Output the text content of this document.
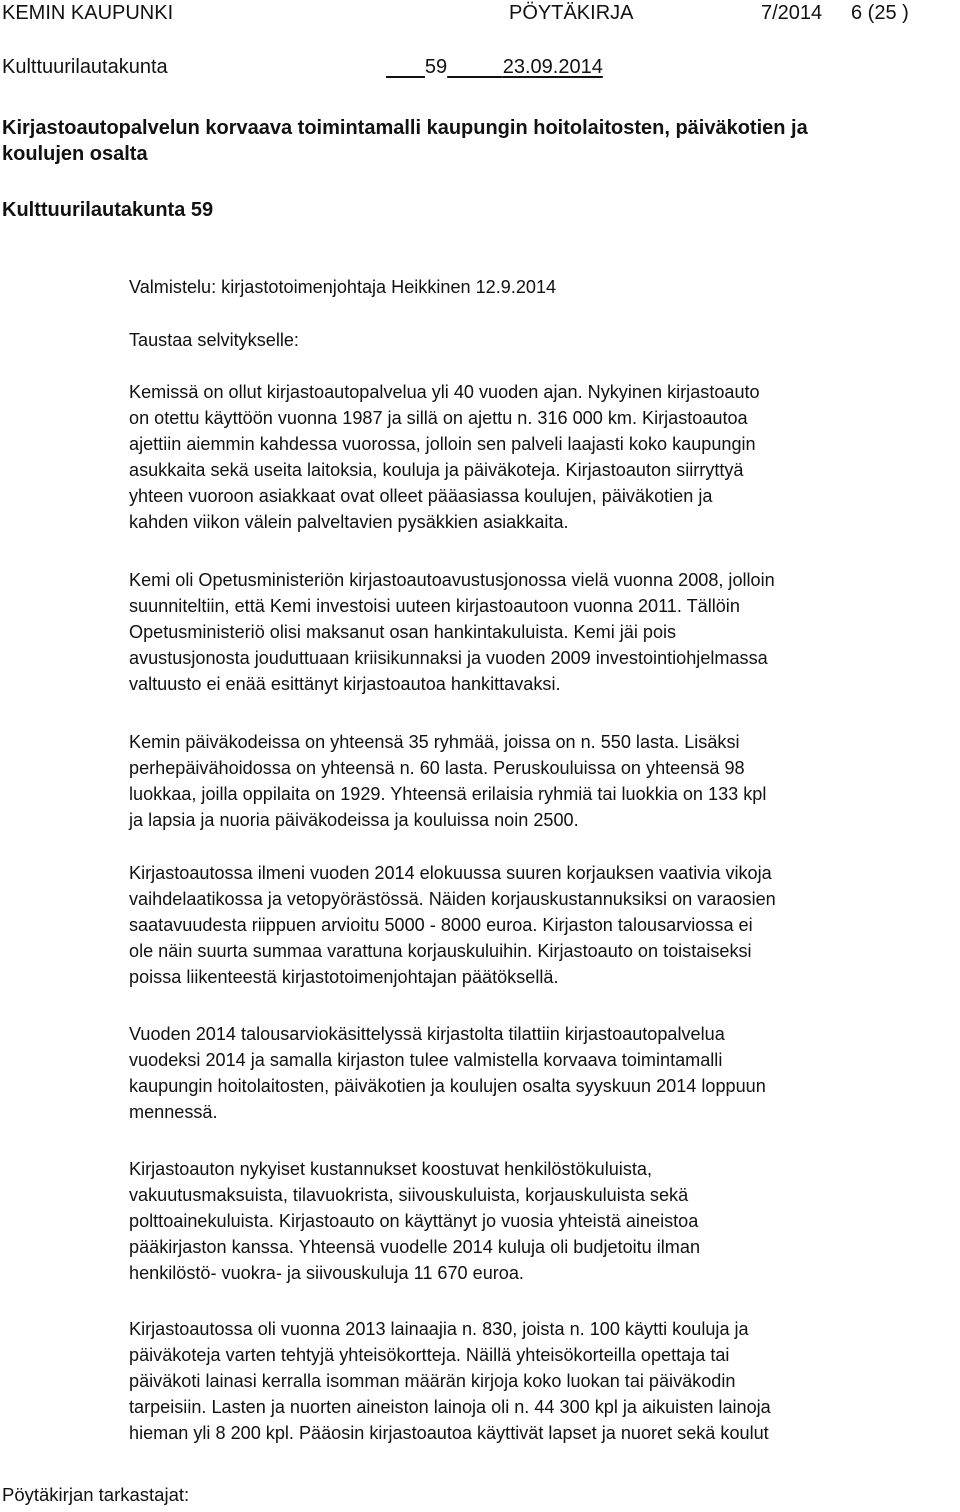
KEMIN KAUPUNKI	PÖYTÄKIRJA	7/2014 6 (25 )
Kulttuurilautakunta	59	23.09.2014
Kirjastoautopalvelun korvaava toimintamalli kaupungin hoitolaitosten, päiväkotien ja
koulujen osalta
Kulttuurilautakunta 59
Valmistelu: kirjastotoimenjohtaja Heikkinen 12.9.2014
Taustaa selvitykselle:
Kemissä on ollut kirjastoautopalvelua yli 40 vuoden ajan. Nykyinen kirjastoauto
on otettu käyttöön vuonna 1987 ja sillä on ajettu n. 316 000 km. Kirjastoautoa
ajettiin aiemmin kahdessa vuorossa, jolloin sen palveli laajasti koko kaupungin
asukkaita sekä useita laitoksia, kouluja ja päiväkoteja. Kirjastoauton siirryttyä
yhteen vuoroon asiakkaat ovat olleet pääasiassa koulujen, päiväkotien ja
kahden viikon välein palveltavien pysäkkien asiakkaita.
Kemi oli Opetusministeriön kirjastoautoavustusjonossa vielä vuonna 2008, jolloin
suunniteltiin, että Kemi investoisi uuteen kirjastoautoon vuonna 2011. Tällöin
Opetusministeriö olisi maksanut osan hankintakuluista. Kemi jäi pois
avustusjonosta jouduttuaan kriisikunnaksi ja vuoden 2009 investointiohjelmassa
valtuusto ei enää esittänyt kirjastoautoa hankittavaksi.
Kemin päiväkodeissa on yhteensä 35 ryhmää, joissa on n. 550 lasta. Lisäksi
perhepäivähoidossa on yhteensä n. 60 lasta. Peruskouluissa on yhteensä 98
luokkaa, joilla oppilaita on 1929. Yhteensä erilaisia ryhmiä tai luokkia on 133 kpl
ja lapsia ja nuoria päiväkodeissa ja kouluissa noin 2500.
Kirjastoautossa ilmeni vuoden 2014 elokuussa suuren korjauksen vaativia vikoja
vaihdelaatikossa ja vetopyörästössä. Näiden korjauskustannuksiksi on varaosien
saatavuudesta riippuen arvioitu 5000 - 8000 euroa. Kirjaston talousarviossa ei
ole näin suurta summaa varattuna korjauskuluihin. Kirjastoauto on toistaiseksi
poissa liikenteestä kirjastotoimenjohtajan päätöksellä.
Vuoden 2014 talousarviokäsittelyssä kirjastolta tilattiin kirjastoautopalvelua
vuodeksi 2014 ja samalla kirjaston tulee valmistella korvaava toimintamalli
kaupungin hoitolaitosten, päiväkotien ja koulujen osalta syyskuun 2014 loppuun
mennessä.
Kirjastoauton nykyiset kustannukset koostuvat henkilöstökuluista,
vakuutusmaksuista, tilavuokrista, siivouskuluista, korjauskuluista sekä
polttoainekuluista. Kirjastoauto on käyttänyt jo vuosia yhteistä aineistoa
pääkirjaston kanssa. Yhteensä vuodelle 2014 kuluja oli budjetoitu ilman
henkilöstö- vuokra- ja siivouskuluja 11 670 euroa.
Kirjastoautossa oli vuonna 2013 lainaajia n. 830, joista n. 100 käytti kouluja ja
päiväkoteja varten tehtyjä yhteisökortteja. Näillä yhteisökorteilla opettaja tai
päiväkoti lainasi kerralla isomman määrän kirjoja koko luokan tai päiväkodin
tarpeisiin. Lasten ja nuorten aineiston lainoja oli n. 44 300 kpl ja aikuisten lainoja
hieman yli 8 200 kpl. Pääosin kirjastoautoa käyttivät lapset ja nuoret sekä koulut
Pöytäkirjan tarkastajat:
